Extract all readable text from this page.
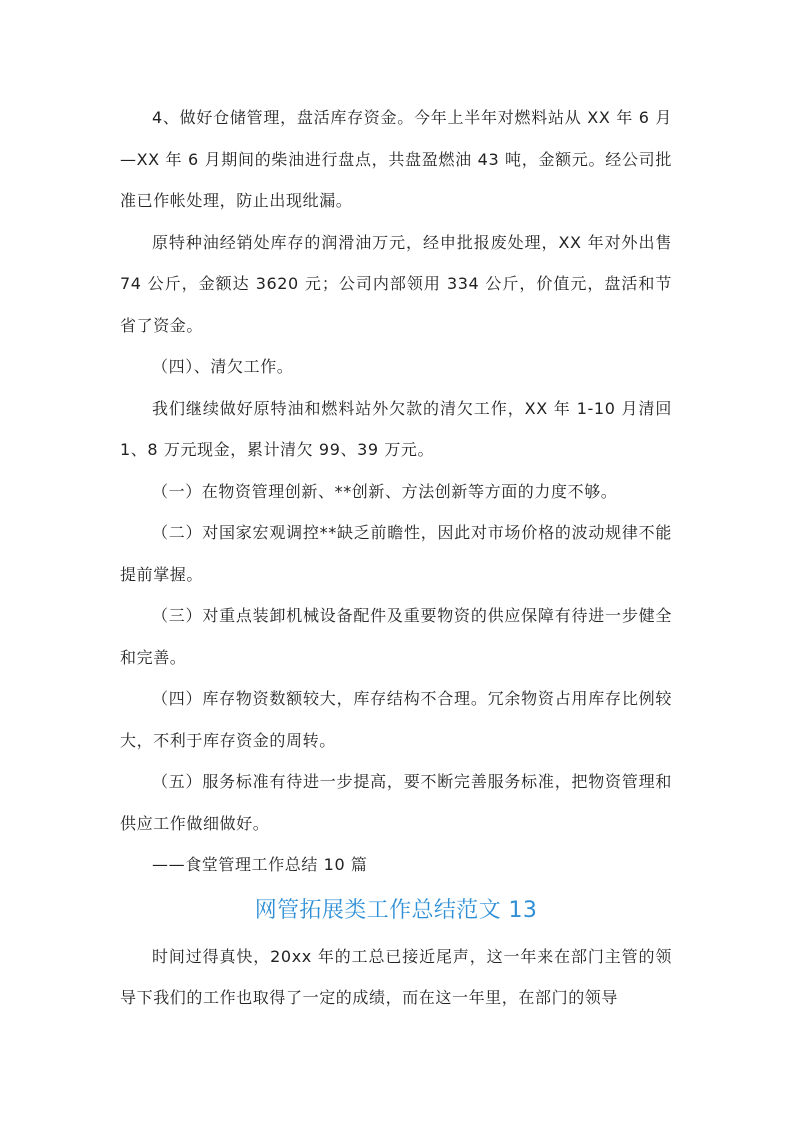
4、做好仓储管理，盘活库存资金。今年上半年对燃料站从 XX 年 6 月—XX 年 6 月期间的柴油进行盘点，共盘盈燃油 43 吨，金额元。经公司批准已作帐处理，防止出现纰漏。

原特种油经销处库存的润滑油万元，经申批报废处理，XX 年对外出售 74 公斤，金额达 3620 元；公司内部领用 334 公斤，价值元，盘活和节省了资金。

（四）、清欠工作。

我们继续做好原特油和燃料站外欠款的清欠工作，XX 年 1-10 月清回 1、8 万元现金，累计清欠 99、39 万元。

（一）在物资管理创新、**创新、方法创新等方面的力度不够。

（二）对国家宏观调控**缺乏前瞻性，因此对市场价格的波动规律不能提前掌握。

（三）对重点装卸机械设备配件及重要物资的供应保障有待进一步健全和完善。

（四）库存物资数额较大，库存结构不合理。冗余物资占用库存比例较大，不利于库存资金的周转。

（五）服务标准有待进一步提高，要不断完善服务标准，把物资管理和供应工作做细做好。

——食堂管理工作总结 10 篇

网管拓展类工作总结范文 13

时间过得真快，20xx 年的工总已接近尾声，这一年来在部门主管的领导下我们的工作也取得了一定的成绩，而在这一年里，在部门的领导
